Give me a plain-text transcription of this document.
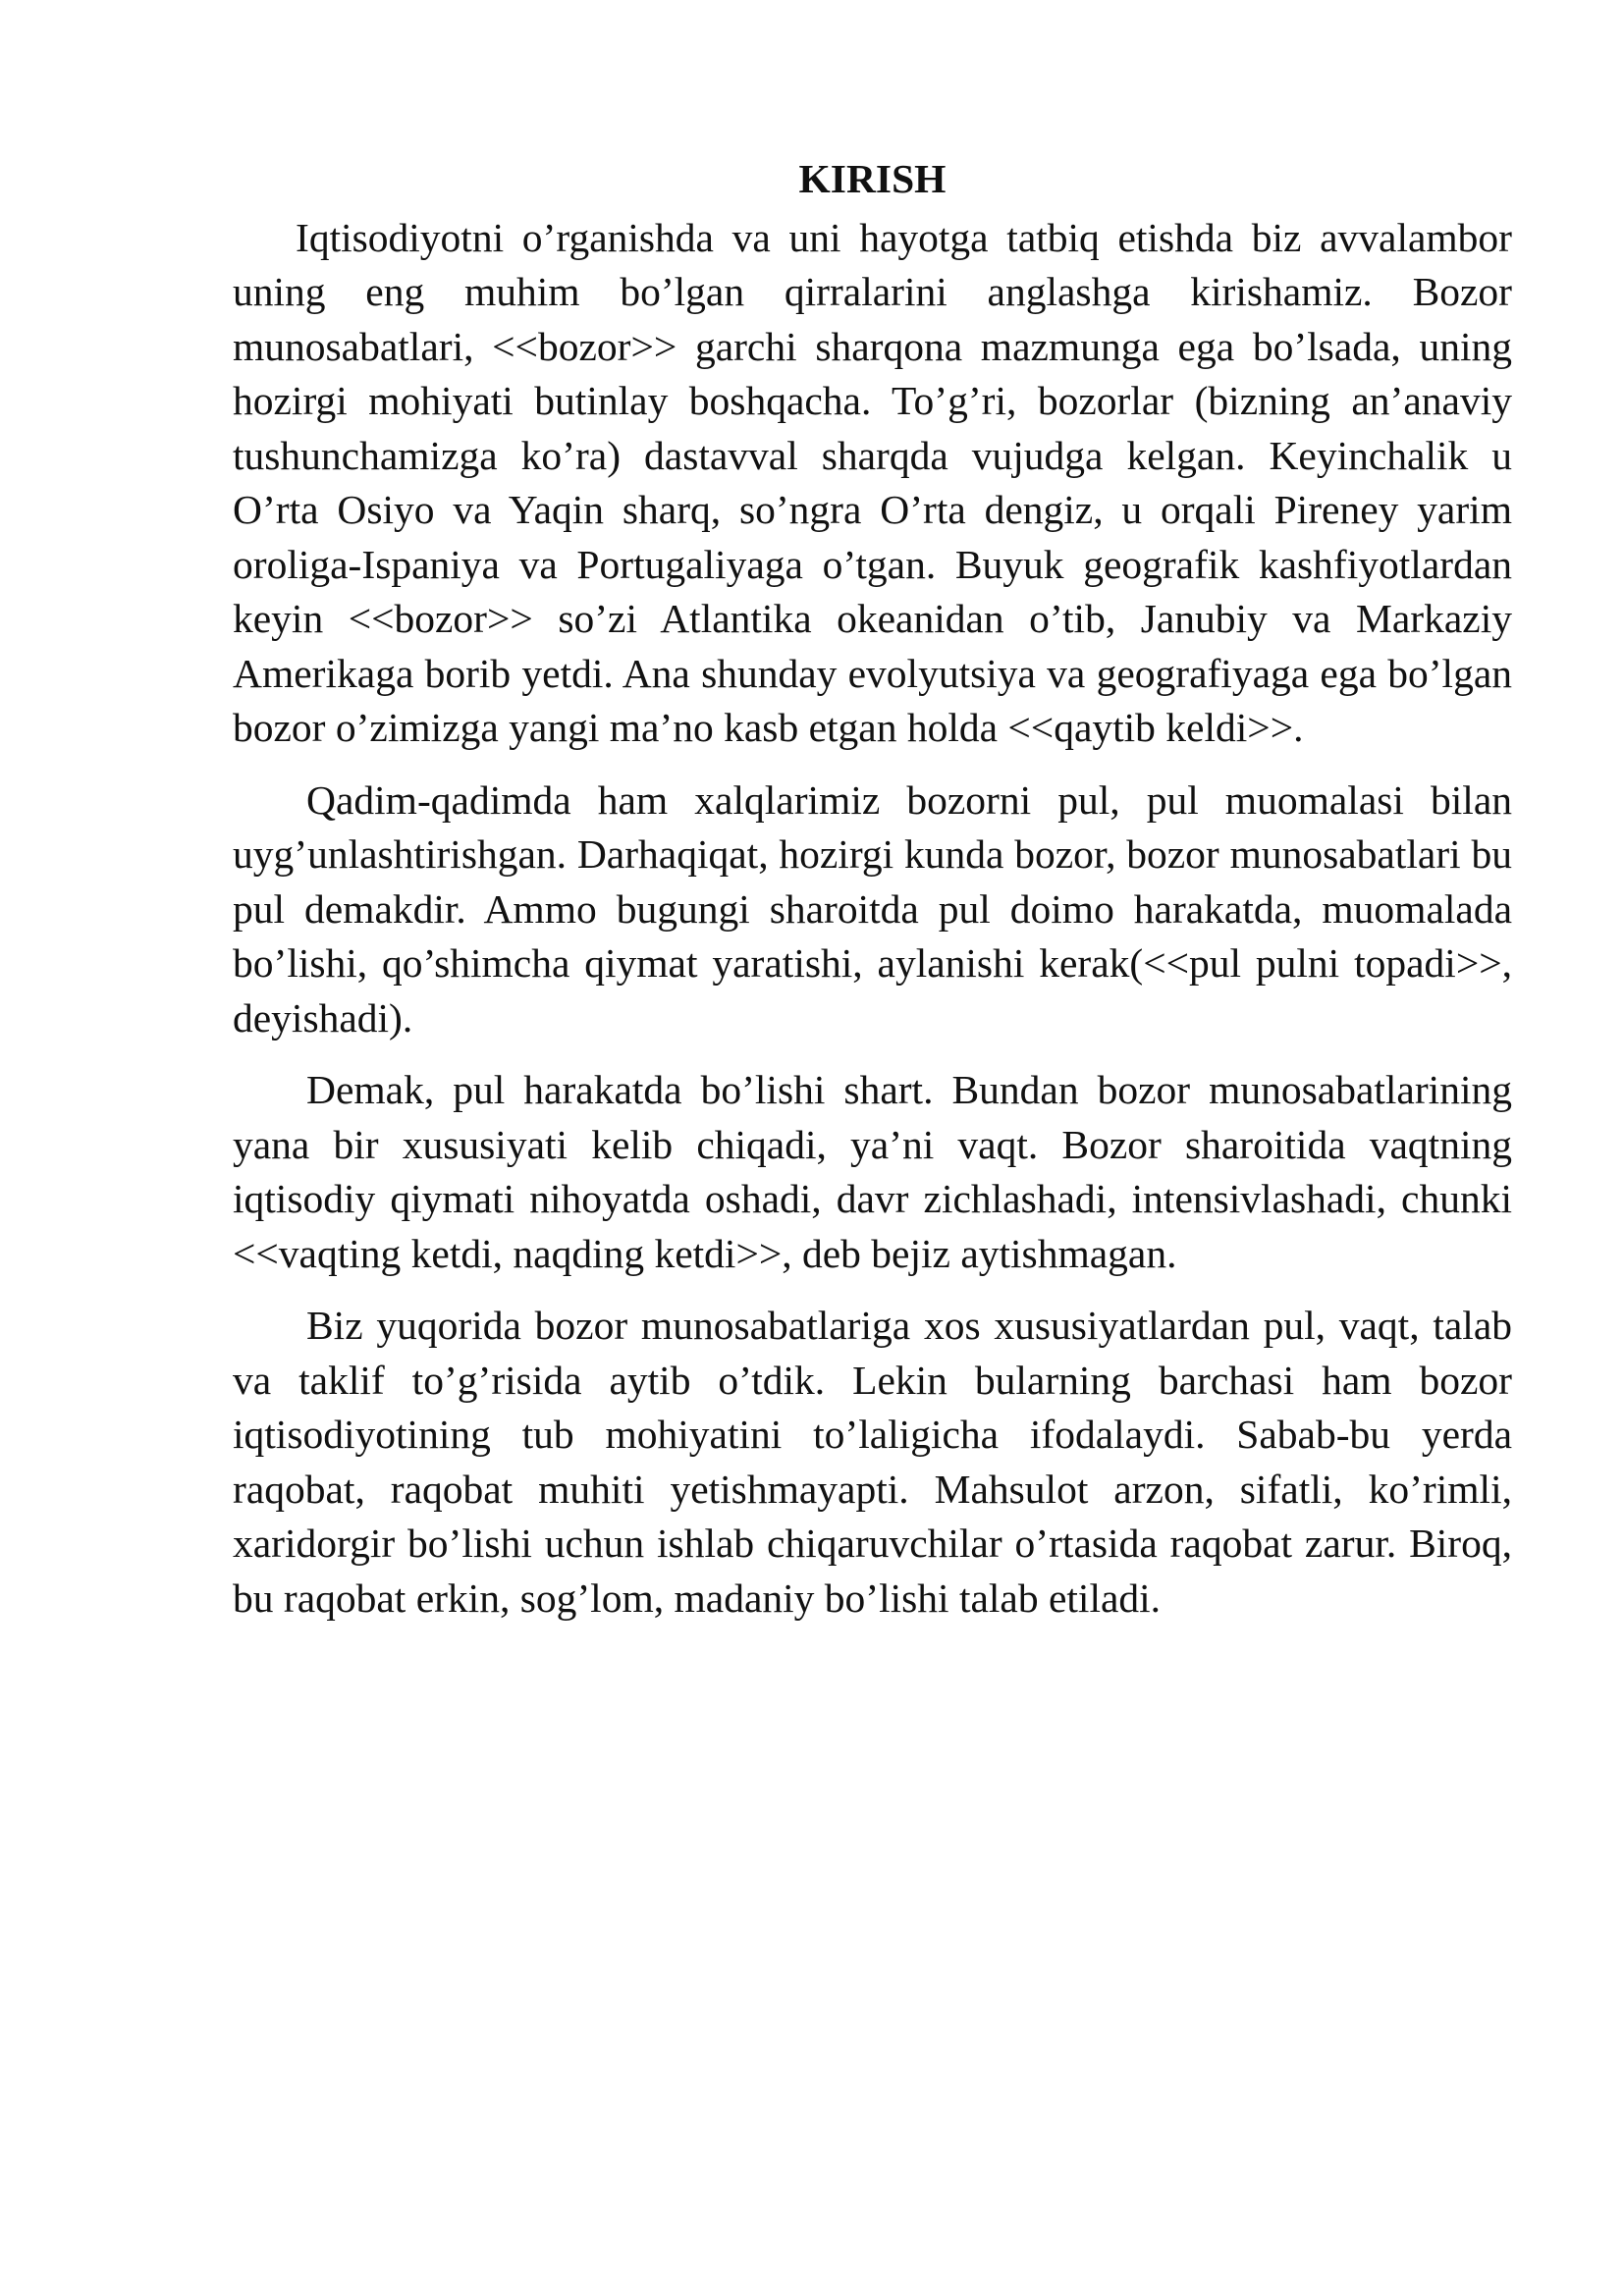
KIRISH

Iqtisodiyotni o’rganishda va uni hayotga tatbiq etishda biz avvalambor uning eng muhim bo’lgan qirralarini anglashga kirishamiz. Bozor munosabatlari, <<bozor>> garchi sharqona mazmunga ega bo’lsada, uning hozirgi mohiyati butinlay boshqacha. To’g’ri, bozorlar (bizning an’anaviy tushunchamizga ko’ra) dastavval sharqda vujudga kelgan. Keyinchalik u O’rta Osiyo va Yaqin sharq, so’ngra O’rta dengiz, u orqali Pireney yarim oroliga-Ispaniya va Portugaliyaga o’tgan. Buyuk geografik kashfiyotlardan keyin <<bozor>> so’zi Atlantika okeanidan o’tib, Janubiy va Markaziy Amerikaga borib yetdi. Ana shunday evolyutsiya va geografiyaga ega bo’lgan bozor o’zimizga yangi ma’no kasb etgan holda <<qaytib keldi>>.

Qadim-qadimda ham xalqlarimiz bozorni pul, pul muomalasi bilan uyg’unlashtirishgan. Darhaqiqat, hozirgi kunda bozor, bozor munosabatlari bu pul demakdir. Ammo bugungi sharoitda pul doimo harakatda, muomalada bo’lishi, qo’shimcha qiymat yaratishi, aylanishi kerak(<<pul pulni topadi>>, deyishadi).

Demak, pul harakatda bo’lishi shart. Bundan bozor munosabatlarining yana bir xususiyati kelib chiqadi, ya’ni vaqt. Bozor sharoitida vaqtning iqtisodiy qiymati nihoyatda oshadi, davr zichlashadi, intensivlashadi, chunki <<vaqting ketdi, naqding ketdi>>, deb bejiz aytishmagan.

Biz yuqorida bozor munosabatlariga xos xususiyatlardan pul, vaqt, talab va taklif to’g’risida aytib o’tdik. Lekin bularning barchasi ham bozor iqtisodiyotining tub mohiyatini to’laligicha ifodalaydi. Sabab-bu yerda raqobat, raqobat muhiti yetishmayapti. Mahsulot arzon, sifatli, ko’rimli, xaridorgir bo’lishi uchun ishlab chiqaruvchilar o’rtasida raqobat zarur. Biroq, bu raqobat erkin, sog’lom, madaniy bo’lishi talab etiladi.
